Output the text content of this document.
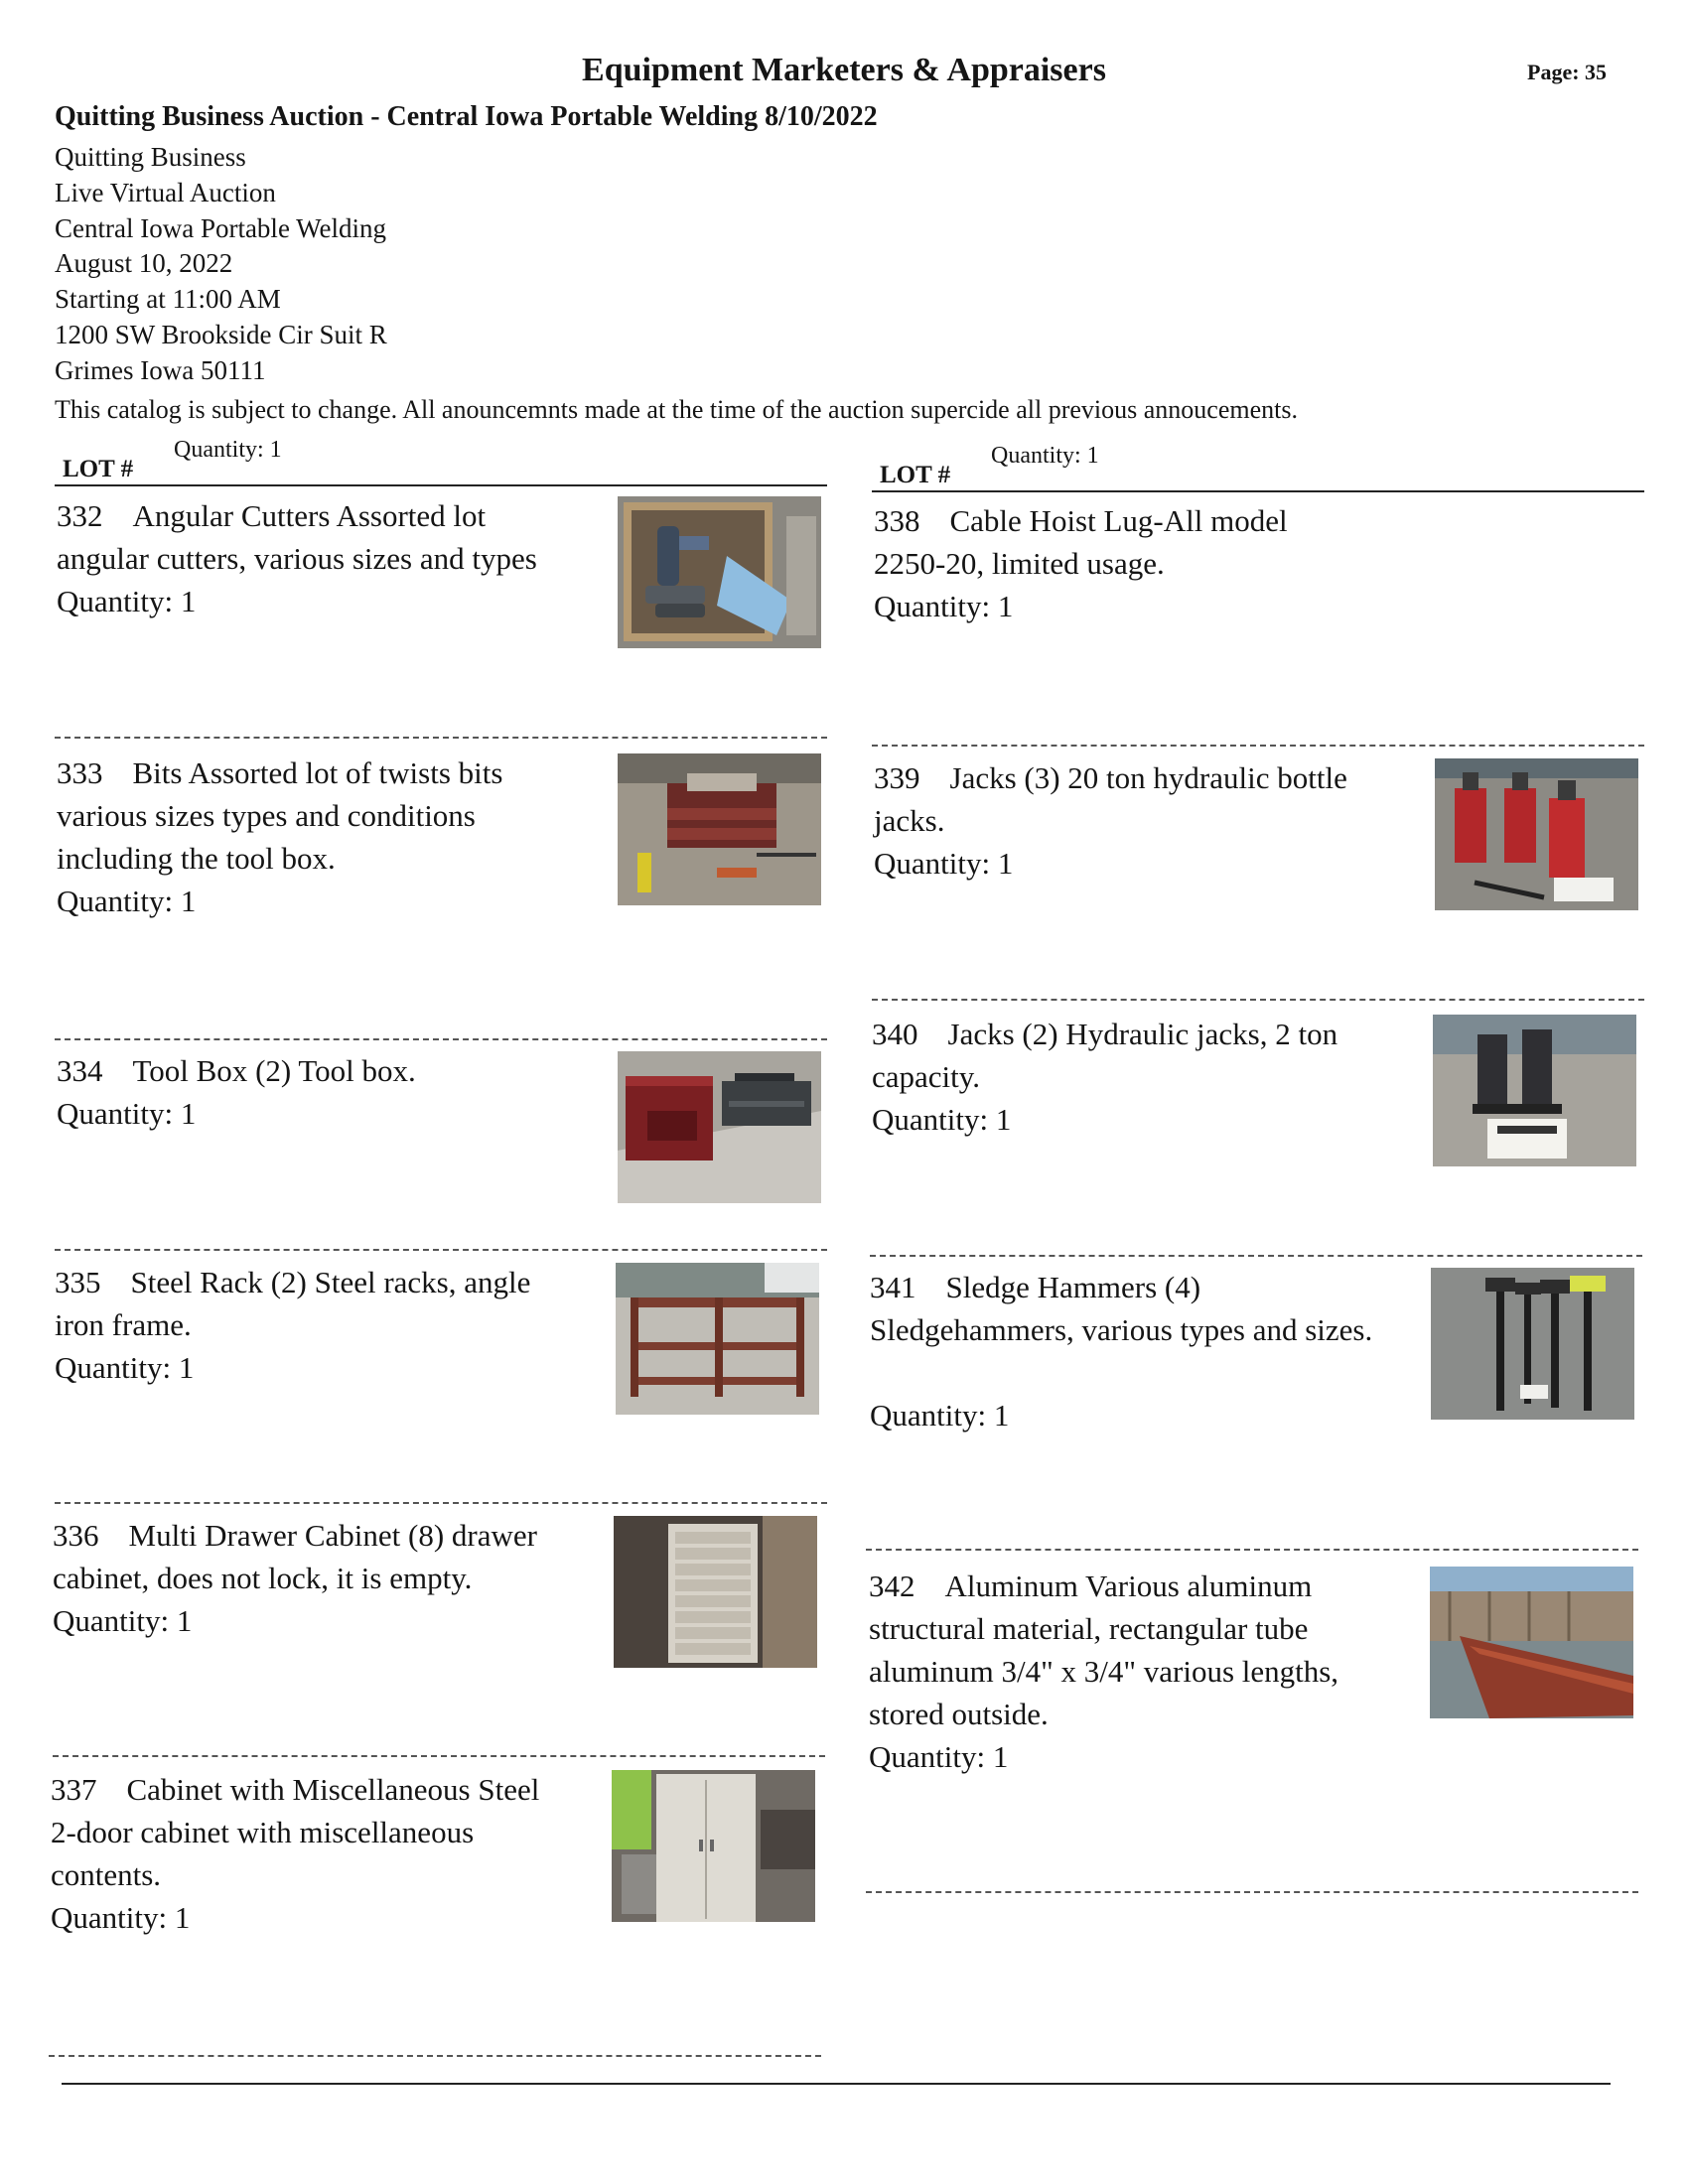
Equipment Marketers & Appraisers	Page: 35
Quitting Business Auction - Central Iowa Portable Welding 8/10/2022
Quitting Business
Live Virtual Auction
Central Iowa Portable Welding
August 10, 2022
Starting at 11:00 AM
1200 SW Brookside Cir Suit R
Grimes Iowa 50111
This catalog is subject to change. All anouncemnts made at the time of the auction supercide all previous annoucements.
LOT #
Quantity: 1
LOT #
Quantity: 1
332 Angular Cutters Assorted lot
angular cutters, various sizes and types
Quantity: 1
333 Bits Assorted lot of twists bits
various sizes types and conditions
including the tool box.
Quantity: 1
334 Tool Box (2) Tool box.
Quantity: 1
335 Steel Rack (2) Steel racks, angle
iron frame.
Quantity: 1
336 Multi Drawer Cabinet (8) drawer
cabinet, does not lock, it is empty.
Quantity: 1
337 Cabinet with Miscellaneous Steel
2-door cabinet with miscellaneous
contents.
Quantity: 1
338 Cable Hoist Lug-All model
2250-20, limited usage.
Quantity: 1
339 Jacks (3) 20 ton hydraulic bottle
jacks.
Quantity: 1
340 Jacks (2) Hydraulic jacks, 2 ton
capacity.
Quantity: 1
341 Sledge Hammers (4)
Sledgehammers, various types and sizes.
Quantity: 1
342 Aluminum Various aluminum
structural material, rectangular tube
aluminum 3/4" x 3/4" various lengths,
stored outside.
Quantity: 1
